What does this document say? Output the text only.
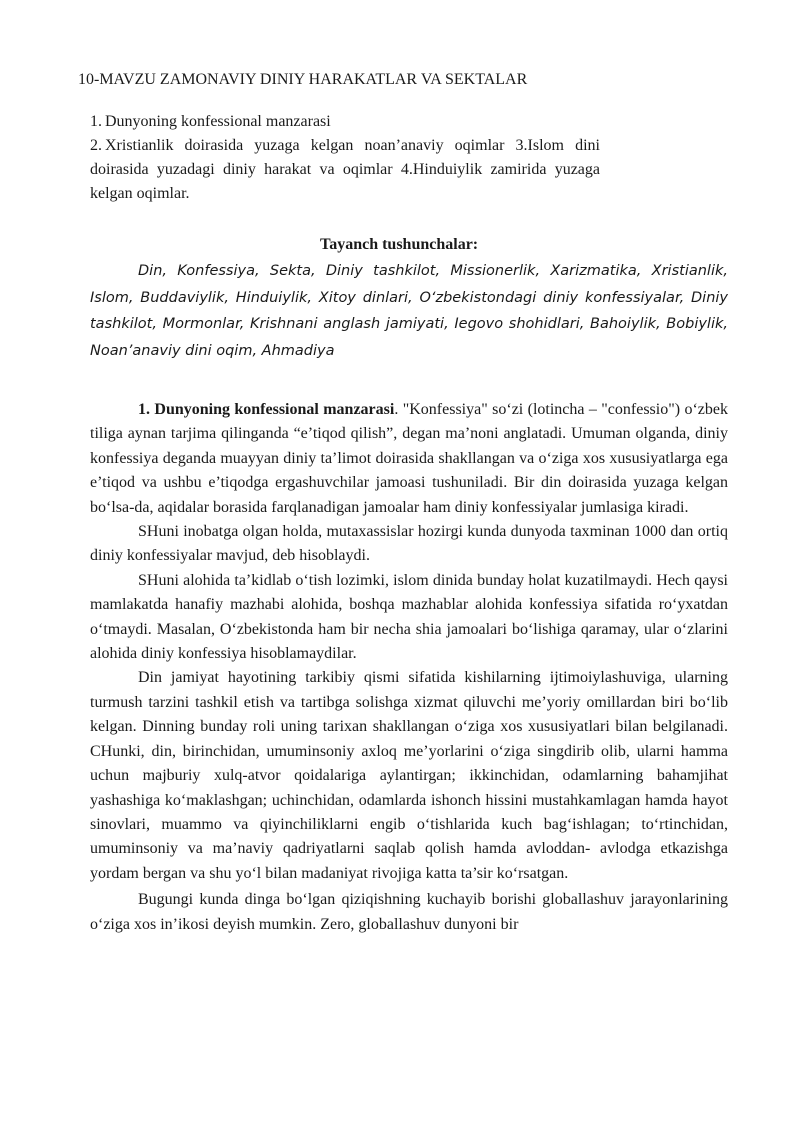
10-MAVZU ZAMONAVIY DINIY HARAKATLAR VA SEKTALAR
1. Dunyoning konfessional manzarasi
2. Xristianlik doirasida yuzaga kelgan noan’anaviy oqimlar 3.Islom dini doirasida yuzadagi diniy harakat va oqimlar 4.Hinduiylik zamirida yuzaga kelgan oqimlar.
Tayanch tushunchalar:
Din, Konfessiya, Sekta, Diniy tashkilot, Missionerlik, Xarizmatika, Xristianlik, Islom, Buddaviylik, Hinduiylik, Xitoy dinlari, O‘zbekistondagi diniy konfessiyalar, Diniy tashkilot, Mormonlar, Krishnani anglash jamiyati, Iegovo shohidlari, Bahoiylik, Bobiylik, Noan’anaviy dini oqim, Ahmadiya

1. Dunyoning konfessional manzarasi. "Konfessiya" so‘zi (lotincha – "confessio") o‘zbek tiliga aynan tarjima qilinganda “e’tiqod qilish”, degan ma’noni anglatadi. Umuman olganda, diniy konfessiya deganda muayyan diniy ta’limot doirasida shakllangan va o‘ziga xos xususiyatlarga ega e’tiqod va ushbu e’tiqodga ergashuvchilar jamoasi tushuniladi. Bir din doirasida yuzaga kelgan bo‘lsa-da, aqidalar borasida farqlanadigan jamoalar ham diniy konfessiyalar jumlasiga kiradi.

SHuni inobatga olgan holda, mutaxassislar hozirgi kunda dunyoda taxminan 1000 dan ortiq diniy konfessiyalar mavjud, deb hisoblaydi.

SHuni alohida ta’kidlab o‘tish lozimki, islom dinida bunday holat kuzatilmaydi. Hech qaysi mamlakatda hanafiy mazhabi alohida, boshqa mazhablar alohida konfessiya sifatida ro‘yxatdan o‘tmaydi. Masalan, O‘zbekistonda ham bir necha shia jamoalari bo‘lishiga qaramay, ular o‘zlarini alohida diniy konfessiya hisoblamaydilar.

Din jamiyat hayotining tarkibiy qismi sifatida kishilarning ijtimoiylashuviga, ularning turmush tarzini tashkil etish va tartibga solishga xizmat qiluvchi me’yoriy omillardan biri bo‘lib kelgan. Dinning bunday roli uning tarixan shakllangan o‘ziga xos xususiyatlari bilan belgilanadi. CHunki, din, birinchidan, umuminsoniy axloq me’yorlarini o‘ziga singdirib olib, ularni hamma uchun majburiy xulq-atvor qoidalariga aylantirgan; ikkinchidan, odamlarning bahamjihat yashashiga ko‘maklashgan; uchinchidan, odamlarda ishonch hissini mustahkamlagan hamda hayot sinovlari, muammo va qiyinchiliklarni engib o‘tishlarida kuch bag‘ishlagan; to‘rtinchidan, umuminsoniy va ma’naviy qadriyatlarni saqlab qolish hamda avloddan- avlodga etkazishga yordam bergan va shu yo‘l bilan madaniyat rivojiga katta ta’sir ko‘rsatgan.

Bugungi kunda dinga bo‘lgan qiziqishning kuchayib borishi globallashuv jarayonlarining o‘ziga xos in’ikosi deyish mumkin. Zero, globallashuv dunyoni bir
